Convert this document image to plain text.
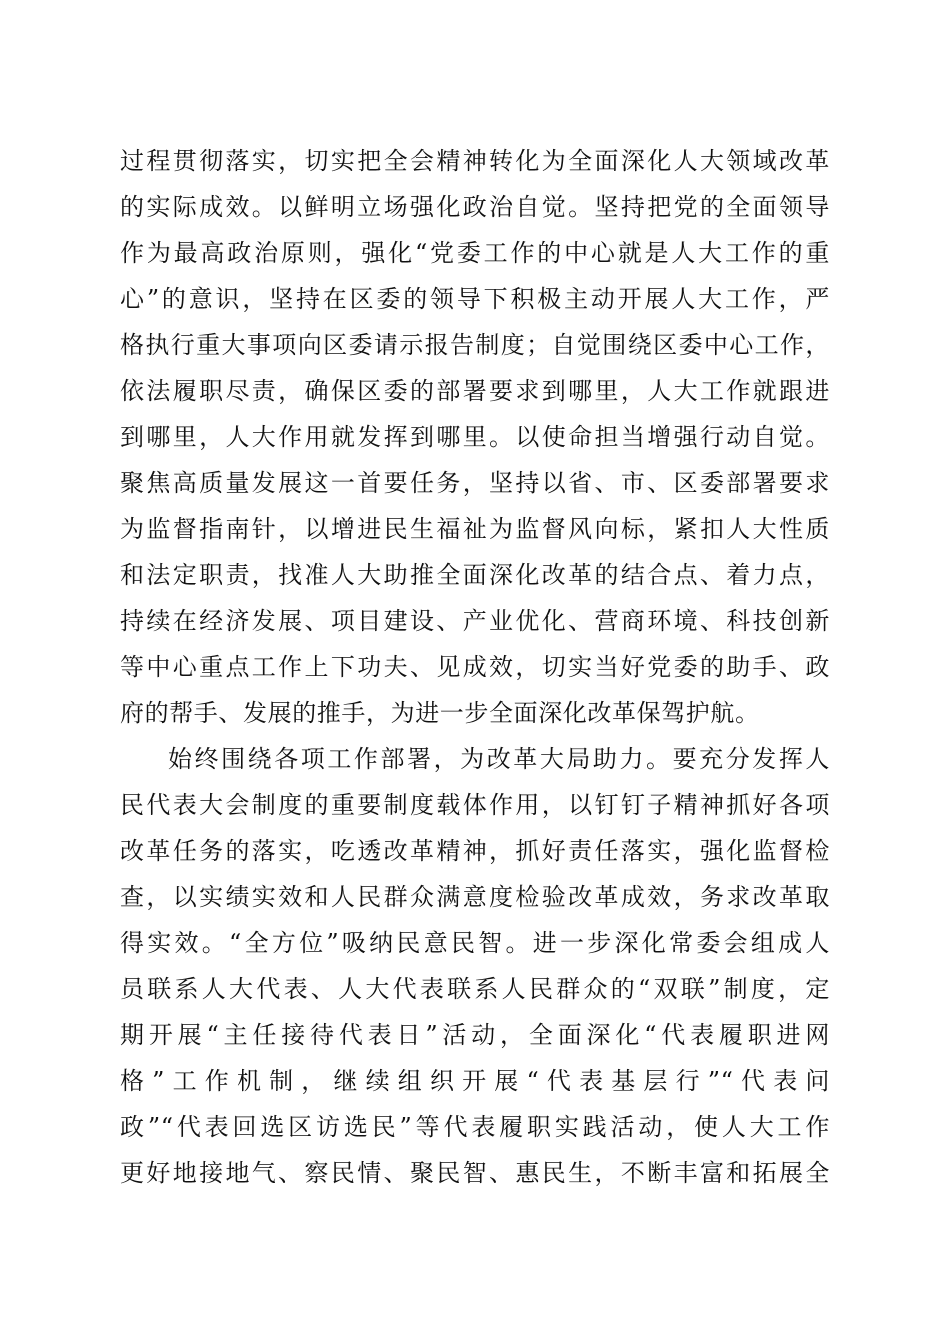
过程贯彻落实，切实把全会精神转化为全面深化人大领域改革
的实际成效。以鲜明立场强化政治自觉。坚持把党的全面领导
作为最高政治原则，强化“党委工作的中心就是人大工作的重
心”的意识，坚持在区委的领导下积极主动开展人大工作，严
格执行重大事项向区委请示报告制度；自觉围绕区委中心工作，
依法履职尽责，确保区委的部署要求到哪里，人大工作就跟进
到哪里，人大作用就发挥到哪里。以使命担当增强行动自觉。
聚焦高质量发展这一首要任务，坚持以省、市、区委部署要求
为监督指南针，以增进民生福祉为监督风向标，紧扣人大性质
和法定职责，找准人大助推全面深化改革的结合点、着力点，
持续在经济发展、项目建设、产业优化、营商环境、科技创新
等中心重点工作上下功夫、见成效，切实当好党委的助手、政
府的帮手、发展的推手，为进一步全面深化改革保驾护航。
始终围绕各项工作部署，为改革大局助力。要充分发挥人
民代表大会制度的重要制度载体作用，以钉钉子精神抓好各项
改革任务的落实，吃透改革精神，抓好责任落实，强化监督检
查，以实绩实效和人民群众满意度检验改革成效，务求改革取
得实效。“全方位”吸纳民意民智。进一步深化常委会组成人
员联系人大代表、人大代表联系人民群众的“双联”制度，定
期开展“主任接待代表日”活动，全面深化“代表履职进网
格”工作机制，继续组织开展“代表基层行”“代表问
政”“代表回选区访选民”等代表履职实践活动，使人大工作
更好地接地气、察民情、聚民智、惠民生，不断丰富和拓展全
